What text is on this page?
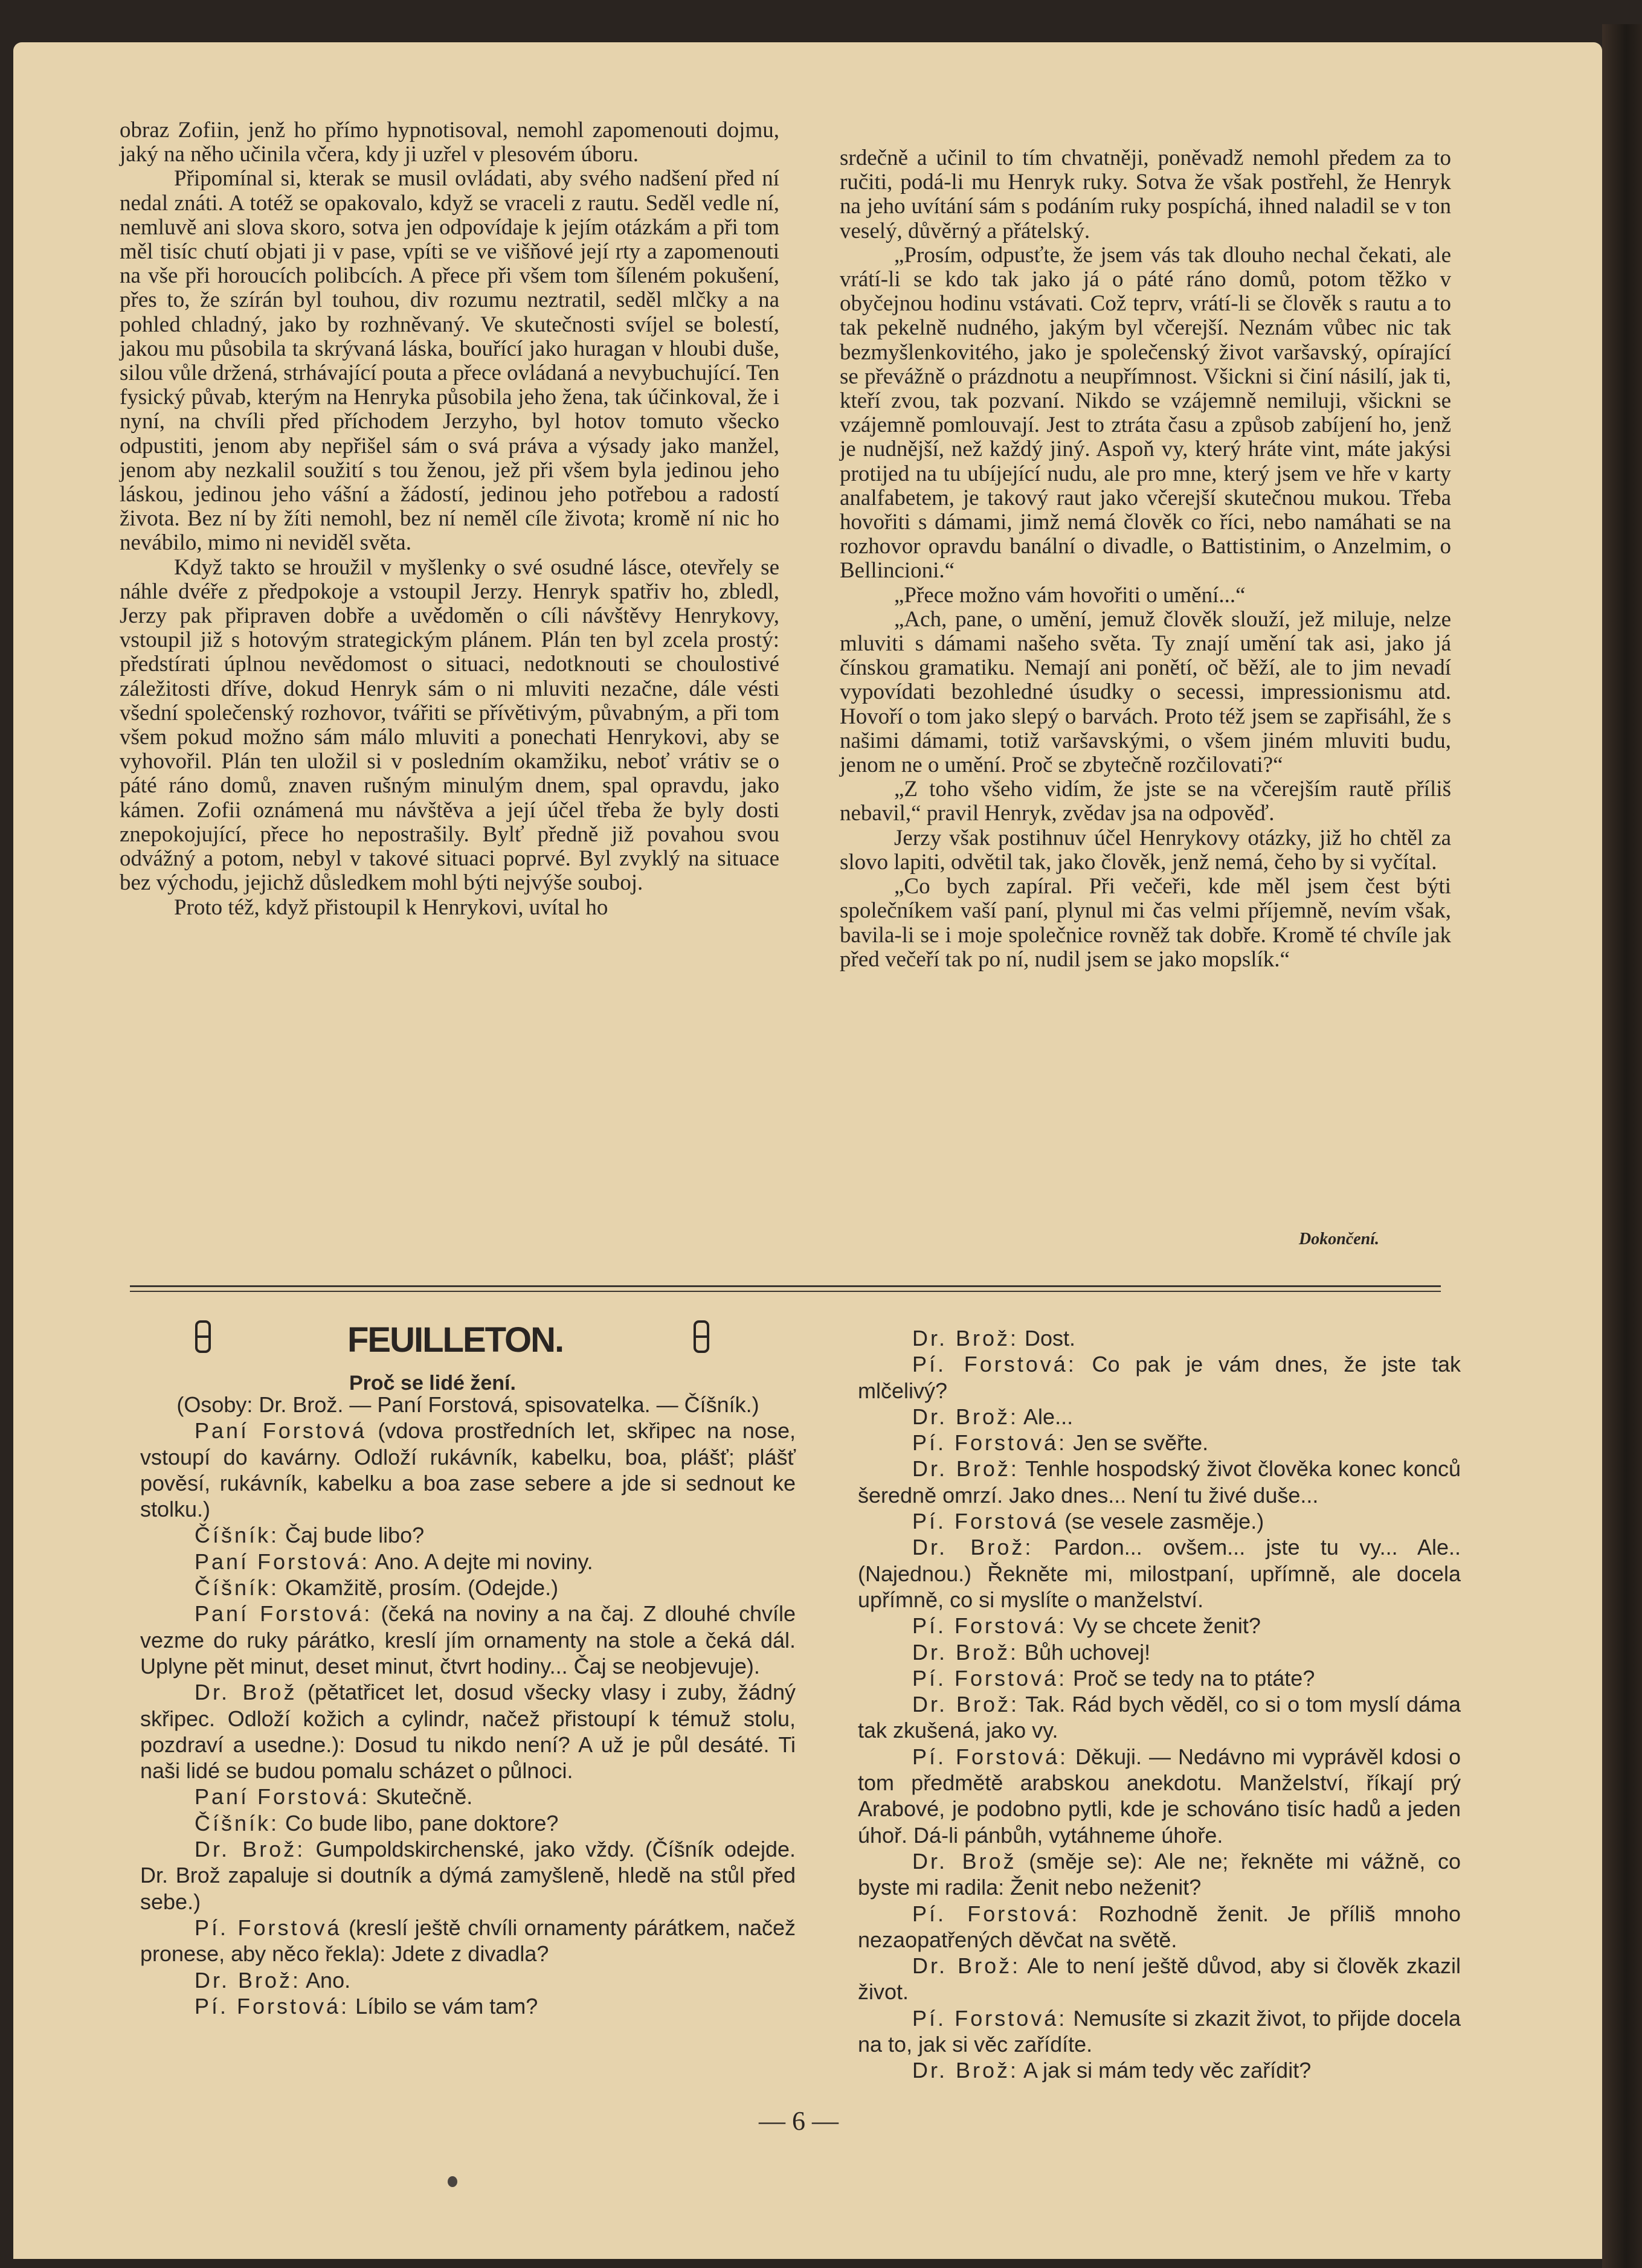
obraz Zofiin, jenž ho přímo hypnotisoval, nemohl zapomenouti dojmu, jaký na něho učinila včera, kdy ji uzřel v plesovém úboru.

Připomínal si, kterak se musil ovládati, aby svého nadšení před ní nedal znáti. A totéž se opakovalo, když se vraceli z rautu. Seděl vedle ní, nemluvě ani slova skoro, sotva jen odpovídaje k jejím otázkám a při tom měl tisíc chutí objati ji v pase, vpíti se ve višňové její rty a zapomenouti na vše při horoucích polibcích. A přece při všem tom šíleném pokušení, přes to, že szírán byl touhou, div rozumu neztratil, seděl mlčky a na pohled chladný, jako by rozhněvaný. Ve skutečnosti svíjel se bolestí, jakou mu působila ta skrývaná láska, bouřící jako huragan v hloubi duše, silou vůle držená, strhávající pouta a přece ovládaná a nevybuchující. Ten fysický půvab, kterým na Henryka působila jeho žena, tak účinkoval, že i nyní, na chvíli před příchodem Jerzyho, byl hotov tomuto všecko odpustiti, jenom aby nepřišel sám o svá práva a výsady jako manžel, jenom aby nezkalil soužití s tou ženou, jež při všem byla jedinou jeho láskou, jedinou jeho vášní a žádostí, jedinou jeho potřebou a radostí života. Bez ní by žíti nemohl, bez ní neměl cíle života; kromě ní nic ho nevábilo, mimo ni neviděl světa.

Když takto se hroužil v myšlenky o své osudné lásce, otevřely se náhle dvéře z předpokoje a vstoupil Jerzy. Henryk spatřiv ho, zbledl, Jerzy pak připraven dobře a uvědoměn o cíli návštěvy Henrykovy, vstoupil již s hotovým strategickým plánem. Plán ten byl zcela prostý: předstírati úplnou nevědomost o situaci, nedotknouti se choulostivé záležitosti dříve, dokud Henryk sám o ni mluviti nezačne, dále vésti všední společenský rozhovor, tvářiti se přívětivým, půvabným, a při tom všem pokud možno sám málo mluviti a ponechati Henrykovi, aby se vyhovořil. Plán ten uložil si v posledním okamžiku, neboť vrátiv se o páté ráno domů, znaven rušným minulým dnem, spal opravdu, jako kámen. Zofii oznámená mu návštěva a její účel třeba že byly dosti znepokojující, přece ho nepostrašily. Bylť předně již povahou svou odvážný a potom, nebyl v takové situaci poprvé. Byl zvyklý na situace bez východu, jejichž důsledkem mohl býti nejvýše souboj.

Proto též, když přistoupil k Henrykovi, uvítal ho

srdečně a učinil to tím chvatněji, poněvadž nemohl předem za to ručiti, podá-li mu Henryk ruky. Sotva že však postřehl, že Henryk na jeho uvítání sám s podáním ruky pospíchá, ihned naladil se v ton veselý, důvěrný a přátelský.

„Prosím, odpusťte, že jsem vás tak dlouho nechal čekati, ale vrátí-li se kdo tak jako já o páté ráno domů, potom těžko v obyčejnou hodinu vstávati. Což teprv, vrátí-li se člověk s rautu a to tak pekelně nudného, jakým byl včerejší. Neznám vůbec nic tak bezmyšlenkovitého, jako je společenský život varšavský, opírající se převážně o prázdnotu a neupřímnost. Všickni si činí násilí, jak ti, kteří zvou, tak pozvaní. Nikdo se vzájemně nemiluji, všickni se vzájemně pomlouvají. Jest to ztráta času a způsob zabíjení ho, jenž je nudnější, než každý jiný. Aspoň vy, který hráte vint, máte jakýsi protijed na tu ubíjející nudu, ale pro mne, který jsem ve hře v karty analfabetem, je takový raut jako včerejší skutečnou mukou. Třeba hovořiti s dámami, jimž nemá člověk co říci, nebo namáhati se na rozhovor opravdu banální o divadle, o Battistinim, o Anzelmim, o Bellincioni.“

„Přece možno vám hovořiti o umění...“

„Ach, pane, o umění, jemuž člověk slouží, jež miluje, nelze mluviti s dámami našeho světa. Ty znají umění tak asi, jako já čínskou gramatiku. Nemají ani ponětí, oč běží, ale to jim nevadí vypovídati bezohledné úsudky o secessi, impressionismu atd. Hovoří o tom jako slepý o barvách. Proto též jsem se zapřisáhl, že s našimi dámami, totiž varšavskými, o všem jiném mluviti budu, jenom ne o umění. Proč se zbytečně rozčilovati?“

„Z toho všeho vidím, že jste se na včerejším rautě příliš nebavil,“ pravil Henryk, zvědav jsa na odpověď.

Jerzy však postihnuv účel Henrykovy otázky, již ho chtěl za slovo lapiti, odvětil tak, jako člověk, jenž nemá, čeho by si vyčítal.

„Co bych zapíral. Při večeři, kde měl jsem čest býti společníkem vaší paní, plynul mi čas velmi příjemně, nevím však, bavila-li se i moje společnice rovněž tak dobře. Kromě té chvíle jak před večeří tak po ní, nudil jsem se jako mopslík.“

Dokončení.
FEUILLETON.
Proč se lidé žení.

(Osoby: Dr. Brož. — Paní Forstová, spisovatelka. — Číšník.)

Paní Forstová (vdova prostředních let, skřipec na nose, vstoupí do kavárny. Odloží rukávník, kabelku, boa, plášť; plášť pověsí, rukávník, kabelku a boa zase sebere a jde si sednout ke stolku.)

Číšník: Čaj bude libo?

Paní Forstová: Ano. A dejte mi noviny.

Číšník: Okamžitě, prosím. (Odejde.)

Paní Forstová: (čeká na noviny a na čaj. Z dlouhé chvíle vezme do ruky párátko, kreslí jím ornamenty na stole a čeká dál. Uplyne pět minut, deset minut, čtvrt hodiny... Čaj se neobjevuje).

Dr. Brož (pětatřicet let, dosud všecky vlasy i zuby, žádný skřipec. Odloží kožich a cylindr, načež přistoupí k témuž stolu, pozdraví a usedne.): Dosud tu nikdo není? A už je půl desáté. Ti naši lidé se budou pomalu scházet o půlnoci.

Paní Forstová: Skutečně.

Číšník: Co bude libo, pane doktore?

Dr. Brož: Gumpoldskirchenské, jako vždy. (Číšník odejde. Dr. Brož zapaluje si doutník a dýmá zamyšleně, hledě na stůl před sebe.)

Pí. Forstová (kreslí ještě chvíli ornamenty párátkem, načež pronese, aby něco řekla): Jdete z divadla?

Dr. Brož: Ano.

Pí. Forstová: Líbilo se vám tam?

Dr. Brož: Dost.

Pí. Forstová: Co pak je vám dnes, že jste tak mlčelivý?

Dr. Brož: Ale...

Pí. Forstová: Jen se svěřte.

Dr. Brož: Tenhle hospodský život člověka konec konců šeredně omrzí. Jako dnes... Není tu živé duše...

Pí. Forstová (se vesele zasměje.)

Dr. Brož: Pardon... ovšem... jste tu vy... Ale.. (Najednou.) Řekněte mi, milostpaní, upřímně, ale docela upřímně, co si myslíte o manželství.

Pí. Forstová: Vy se chcete ženit?

Dr. Brož: Bůh uchovej!

Pí. Forstová: Proč se tedy na to ptáte?

Dr. Brož: Tak. Rád bych věděl, co si o tom myslí dáma tak zkušená, jako vy.

Pí. Forstová: Děkuji. — Nedávno mi vyprávěl kdosi o tom předmětě arabskou anekdotu. Manželství, říkají prý Arabové, je podobno pytli, kde je schováno tisíc hadů a jeden úhoř. Dá-li pánbůh, vytáhneme úhoře.

Dr. Brož (směje se): Ale ne; řekněte mi vážně, co byste mi radila: Ženit nebo neženit?

Pí. Forstová: Rozhodně ženit. Je příliš mnoho nezaopatřených děvčat na světě.

Dr. Brož: Ale to není ještě důvod, aby si člověk zkazil život.

Pí. Forstová: Nemusíte si zkazit život, to přijde docela na to, jak si věc zařídíte.

Dr. Brož: A jak si mám tedy věc zařídit?

— 6 —
